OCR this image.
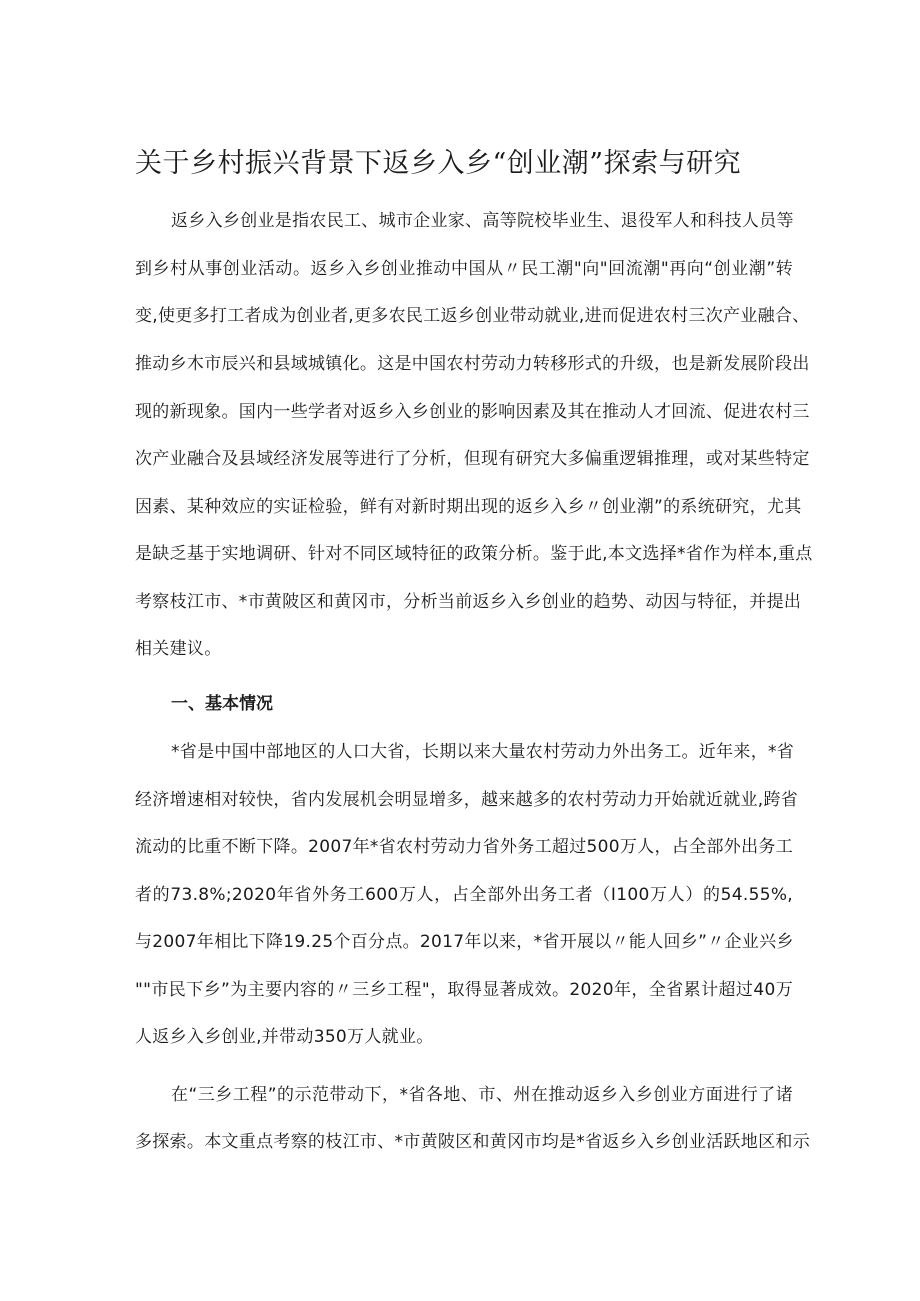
关于乡村振兴背景下返乡入乡“创业潮”探索与研究
返乡入乡创业是指农民工、城市企业家、高等院校毕业生、退役军人和科技人员等
到乡村从事创业活动。返乡入乡创业推动中国从〃民工潮"向"回流潮"再向“创业潮”转
变,使更多打工者成为创业者,更多农民工返乡创业带动就业,进而促进农村三次产业融合、
推动乡木市辰兴和县域城镇化。这是中国农村劳动力转移形式的升级，也是新发展阶段出
现的新现象。国内一些学者对返乡入乡创业的影响因素及其在推动人才回流、促进农村三
次产业融合及县域经济发展等进行了分析，但现有研究大多偏重逻辑推理，或对某些特定
因素、某种效应的实证检验，鲜有对新时期出现的返乡入乡〃创业潮”的系统研究，尤其
是缺乏基于实地调研、针对不同区域特征的政策分析。鉴于此,本文选择*省作为样本,重点
考察枝江市、*市黄陂区和黄冈市，分析当前返乡入乡创业的趋势、动因与特征，并提出
相关建议。
一、基本情况
*省是中国中部地区的人口大省，长期以来大量农村劳动力外出务工。近年来，*省
经济增速相对较快，省内发展机会明显增多，越来越多的农村劳动力开始就近就业,跨省
流动的比重不断下降。2007年*省农村劳动力省外务工超过500万人，占全部外出务工
者的73.8%;2020年省外务工600万人，占全部外出务工者（I100万人）的54.55%,
与2007年相比下降19.25个百分点。2017年以来，*省开展以〃能人回乡”〃企业兴乡
""市民下乡”为主要内容的〃三乡工程"，取得显著成效。2020年，全省累计超过40万
人返乡入乡创业,并带动350万人就业。
在“三乡工程”的示范带动下，*省各地、市、州在推动返乡入乡创业方面进行了诸
多探索。本文重点考察的枝江市、*市黄陂区和黄冈市均是*省返乡入乡创业活跃地区和示
